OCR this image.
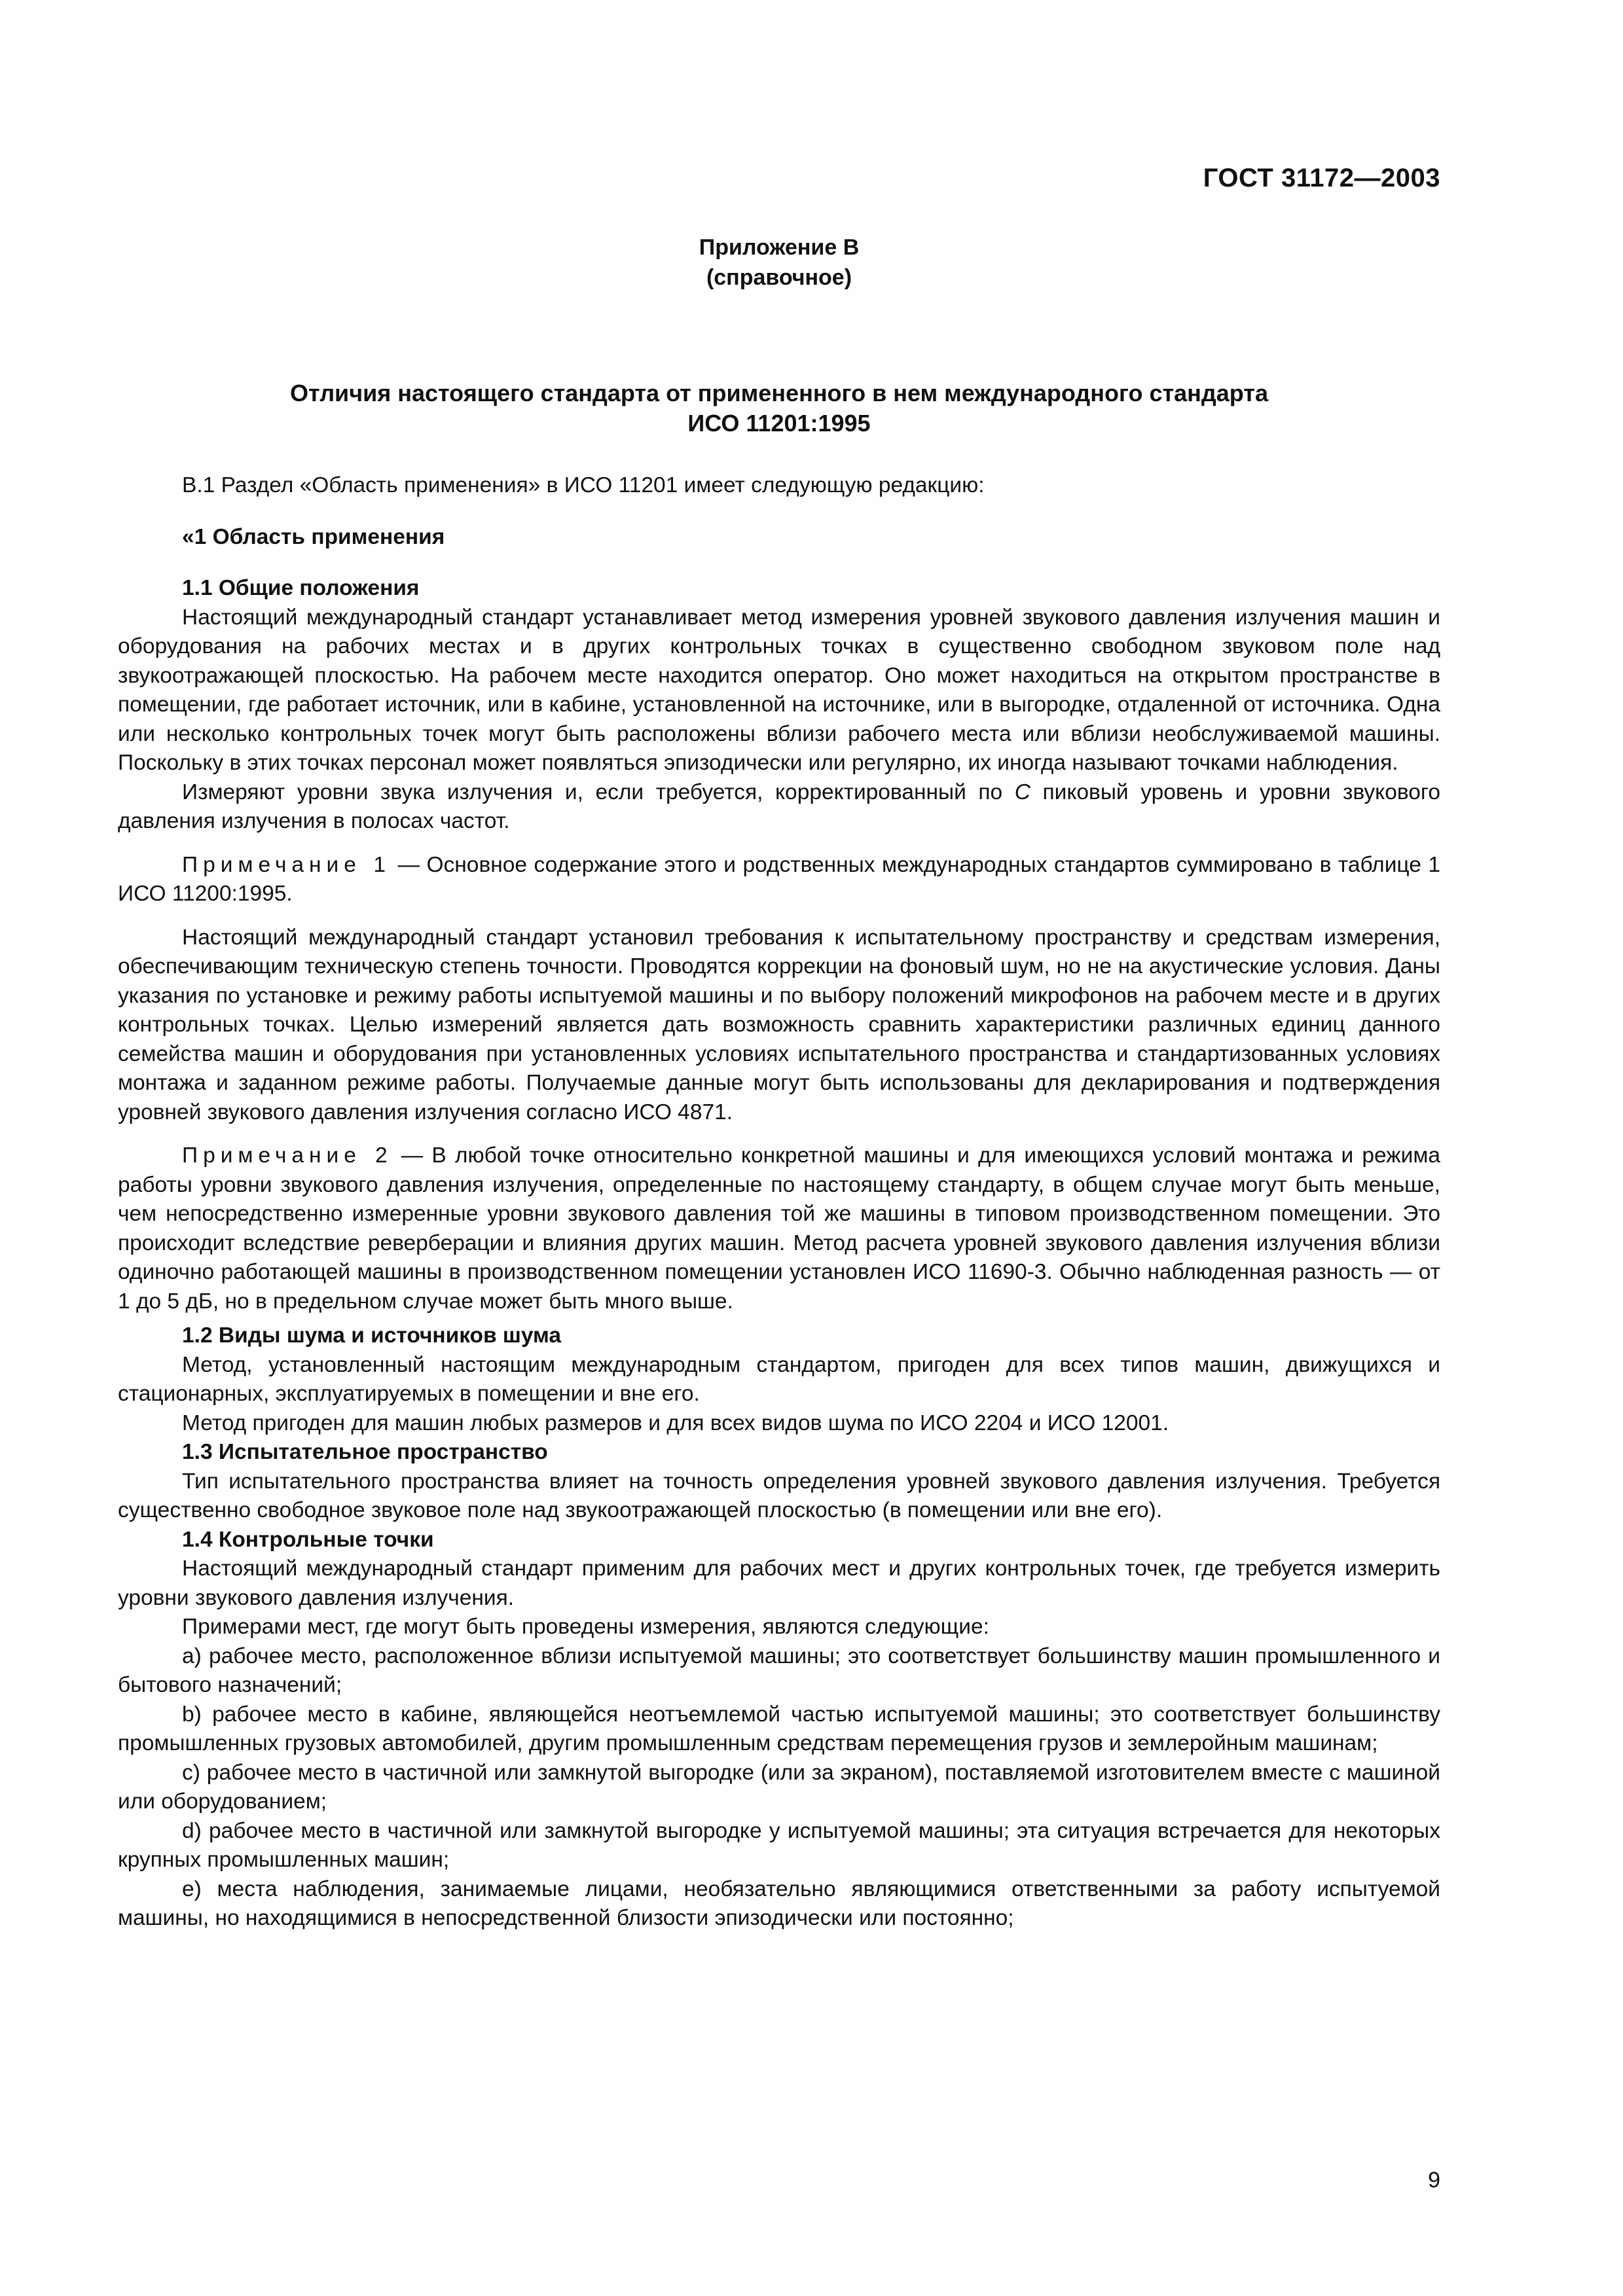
ГОСТ 31172—2003
Приложение В
(справочное)
Отличия настоящего стандарта от примененного в нем международного стандарта
ИСО 11201:1995

В.1 Раздел «Область применения» в ИСО 11201 имеет следующую редакцию:

«1 Область применения
1.1 Общие положения

Настоящий международный стандарт устанавливает метод измерения уровней звукового давления излучения машин и оборудования на рабочих местах и в других контрольных точках в существенно свободном звуковом поле над звукоотражающей плоскостью. На рабочем месте находится оператор. Оно может находиться на открытом пространстве в помещении, где работает источник, или в кабине, установленной на источнике, или в выгородке, отдаленной от источника. Одна или несколько контрольных точек могут быть расположены вблизи рабочего места или вблизи необслуживаемой машины. Поскольку в этих точках персонал может появляться эпизодически или регулярно, их иногда называют точками наблюдения.

Измеряют уровни звука излучения и, если требуется, корректированный по C пиковый уровень и уровни звукового давления излучения в полосах частот.

Примечание 1 — Основное содержание этого и родственных международных стандартов суммировано в таблице 1 ИСО 11200:1995.

Настоящий международный стандарт установил требования к испытательному пространству и средствам измерения, обеспечивающим техническую степень точности. Проводятся коррекции на фоновый шум, но не на акустические условия. Даны указания по установке и режиму работы испытуемой машины и по выбору положений микрофонов на рабочем месте и в других контрольных точках. Целью измерений является дать возможность сравнить характеристики различных единиц данного семейства машин и оборудования при установленных условиях испытательного пространства и стандартизованных условиях монтажа и заданном режиме работы. Получаемые данные могут быть использованы для декларирования и подтверждения уровней звукового давления излучения согласно ИСО 4871.

Примечание 2 — В любой точке относительно конкретной машины и для имеющихся условий монтажа и режима работы уровни звукового давления излучения, определенные по настоящему стандарту, в общем случае могут быть меньше, чем непосредственно измеренные уровни звукового давления той же машины в типовом производственном помещении. Это происходит вследствие реверберации и влияния других машин. Метод расчета уровней звукового давления излучения вблизи одиночно работающей машины в производственном помещении установлен ИСО 11690-3. Обычно наблюденная разность — от 1 до 5 дБ, но в предельном случае может быть много выше.

1.2 Виды шума и источников шума

Метод, установленный настоящим международным стандартом, пригоден для всех типов машин, движущихся и стационарных, эксплуатируемых в помещении и вне его.

Метод пригоден для машин любых размеров и для всех видов шума по ИСО 2204 и ИСО 12001.

1.3 Испытательное пространство

Тип испытательного пространства влияет на точность определения уровней звукового давления излучения. Требуется существенно свободное звуковое поле над звукоотражающей плоскостью (в помещении или вне его).

1.4 Контрольные точки

Настоящий международный стандарт применим для рабочих мест и других контрольных точек, где требуется измерить уровни звукового давления излучения.

Примерами мест, где могут быть проведены измерения, являются следующие:

a) рабочее место, расположенное вблизи испытуемой машины; это соответствует большинству машин промышленного и бытового назначений;

b) рабочее место в кабине, являющейся неотъемлемой частью испытуемой машины; это соответствует большинству промышленных грузовых автомобилей, другим промышленным средствам перемещения грузов и землеройным машинам;

c) рабочее место в частичной или замкнутой выгородке (или за экраном), поставляемой изготовителем вместе с машиной или оборудованием;

d) рабочее место в частичной или замкнутой выгородке у испытуемой машины; эта ситуация встречается для некоторых крупных промышленных машин;

e) места наблюдения, занимаемые лицами, необязательно являющимися ответственными за работу испытуемой машины, но находящимися в непосредственной близости эпизодически или постоянно;

9
